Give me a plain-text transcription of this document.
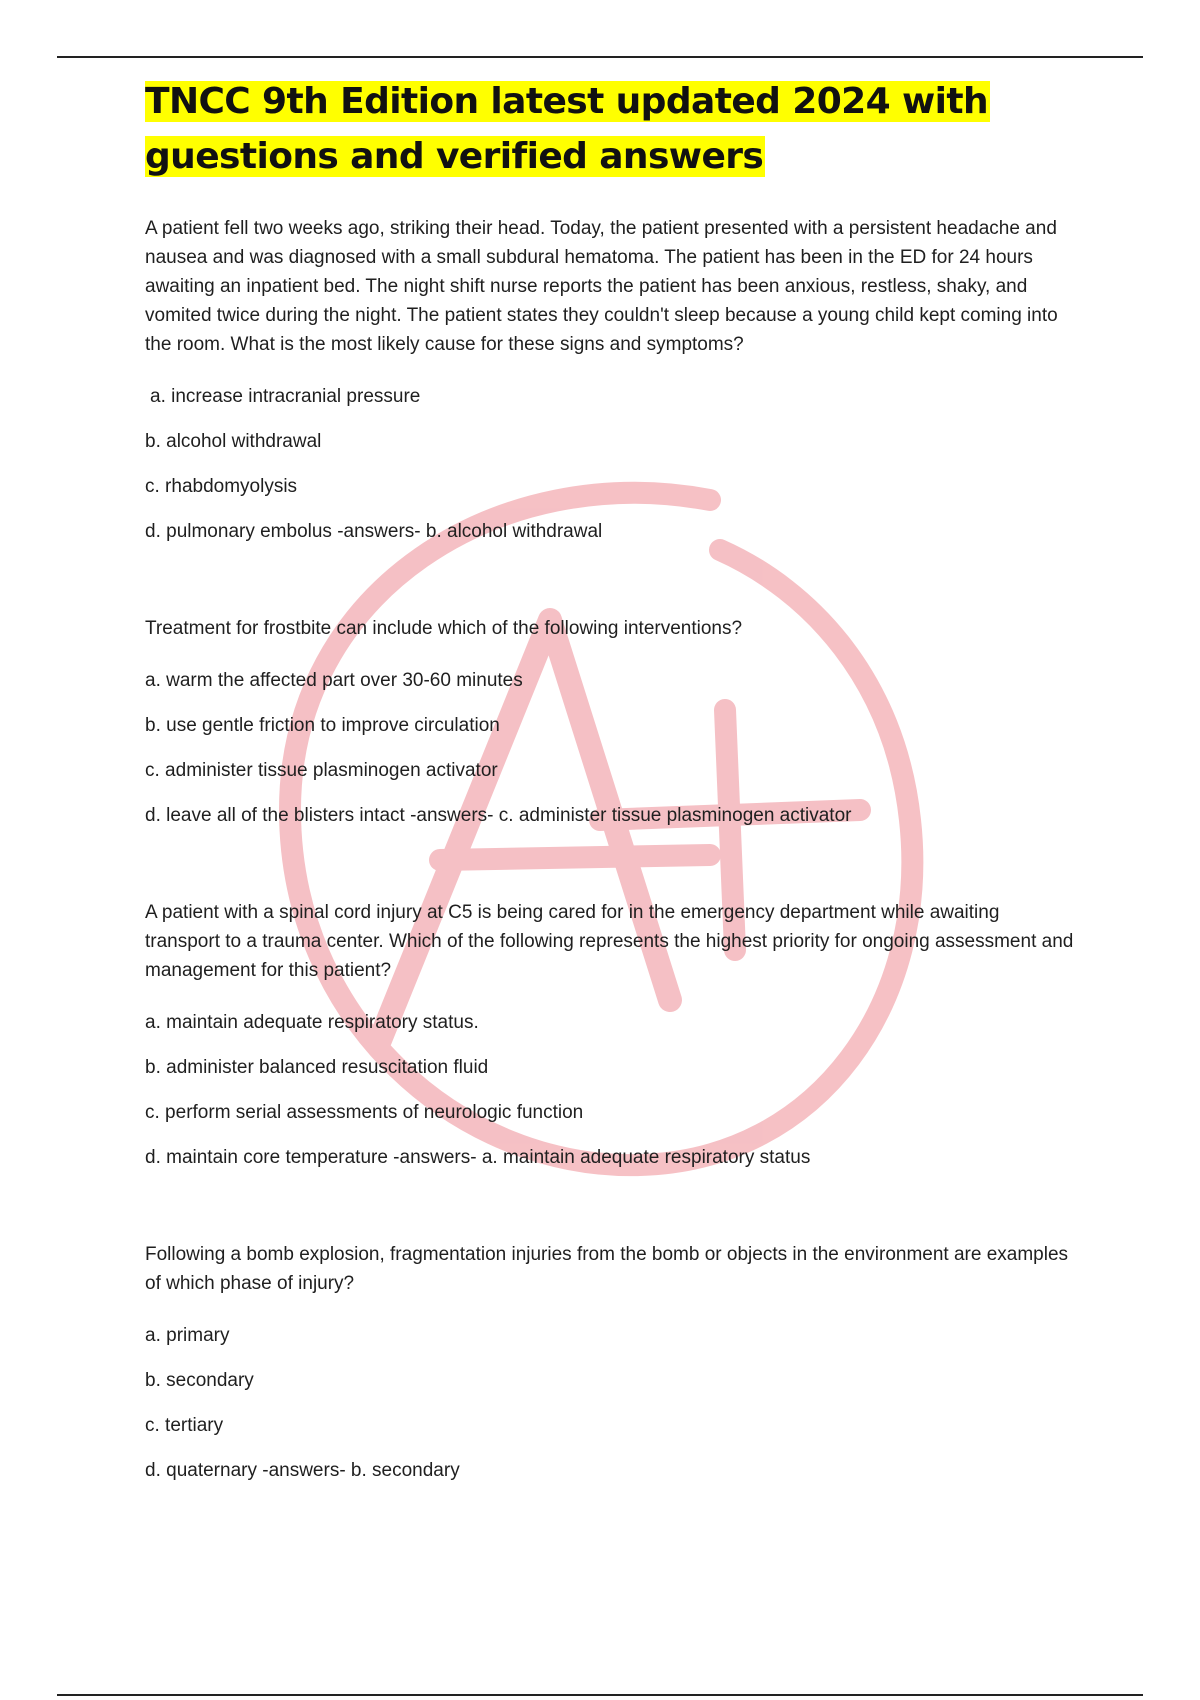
TNCC 9th Edition latest updated 2024 with guestions and verified answers

A patient fell two weeks ago, striking their head. Today, the patient presented with a persistent headache and nausea and was diagnosed with a small subdural hematoma. The patient has been in the ED for 24 hours awaiting an inpatient bed. The night shift nurse reports the patient has been anxious, restless, shaky, and vomited twice during the night. The patient states they couldn't sleep because a young child kept coming into the room. What is the most likely cause for these signs and symptoms?

a. increase intracranial pressure

b. alcohol withdrawal

c. rhabdomyolysis

d. pulmonary embolus -answers- b. alcohol withdrawal

Treatment for frostbite can include which of the following interventions?

a. warm the affected part over 30-60 minutes

b. use gentle friction to improve circulation

c. administer tissue plasminogen activator

d. leave all of the blisters intact -answers- c. administer tissue plasminogen activator

A patient with a spinal cord injury at C5 is being cared for in the emergency department while awaiting transport to a trauma center. Which of the following represents the highest priority for ongoing assessment and management for this patient?

a. maintain adequate respiratory status.

b. administer balanced resuscitation fluid

c. perform serial assessments of neurologic function

d. maintain core temperature -answers- a. maintain adequate respiratory status

Following a bomb explosion, fragmentation injuries from the bomb or objects in the environment are examples of which phase of injury?

a. primary

b. secondary

c. tertiary

d. quaternary -answers- b. secondary
